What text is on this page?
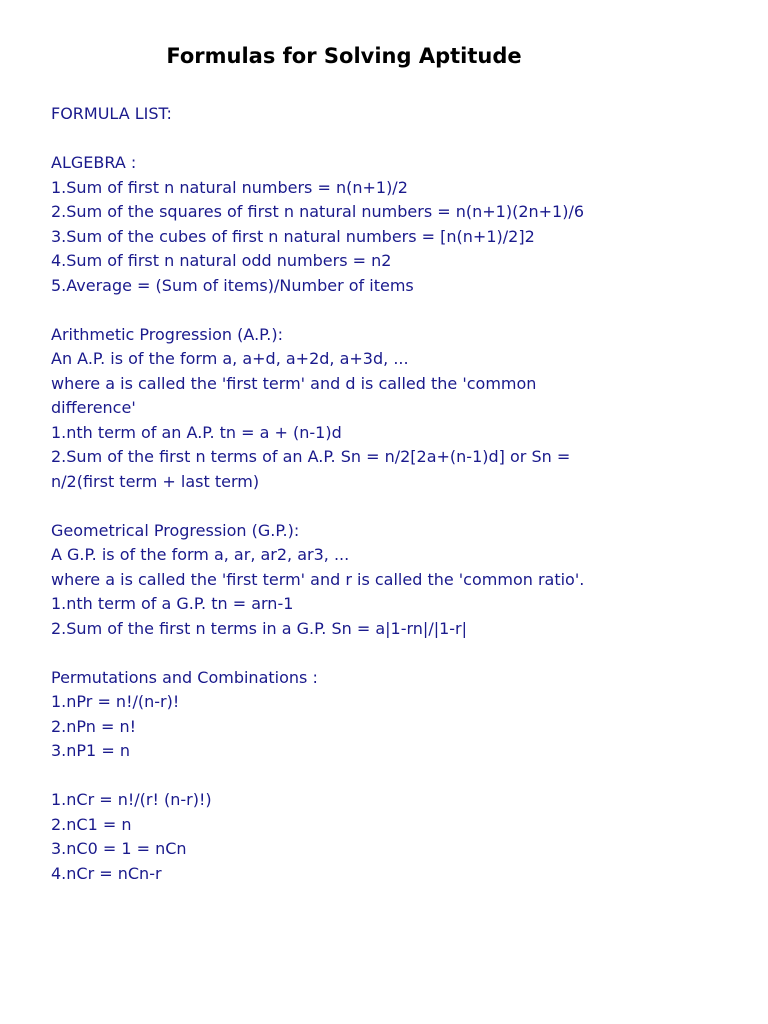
Formulas for Solving Aptitude
FORMULA LIST:
ALGEBRA :
1.Sum of first n natural numbers = n(n+1)/2
2.Sum of the squares of first n natural numbers = n(n+1)(2n+1)/6
3.Sum of the cubes of first n natural numbers = [n(n+1)/2]2
4.Sum of first n natural odd numbers = n2
5.Average = (Sum of items)/Number of items
Arithmetic Progression (A.P.):
An A.P. is of the form a, a+d, a+2d, a+3d, ...
where a is called the 'first term' and d is called the 'common
difference'
1.nth term of an A.P. tn = a + (n-1)d
2.Sum of the first n terms of an A.P. Sn = n/2[2a+(n-1)d] or Sn =
n/2(first term + last term)
Geometrical Progression (G.P.):
A G.P. is of the form a, ar, ar2, ar3, ...
where a is called the 'first term' and r is called the 'common ratio'.
1.nth term of a G.P. tn = arn-1
2.Sum of the first n terms in a G.P. Sn = a|1-rn|/|1-r|
Permutations and Combinations :
1.nPr = n!/(n-r)!
2.nPn = n!
3.nP1 = n
1.nCr = n!/(r! (n-r)!)
2.nC1 = n
3.nC0 = 1 = nCn
4.nCr = nCn-r
